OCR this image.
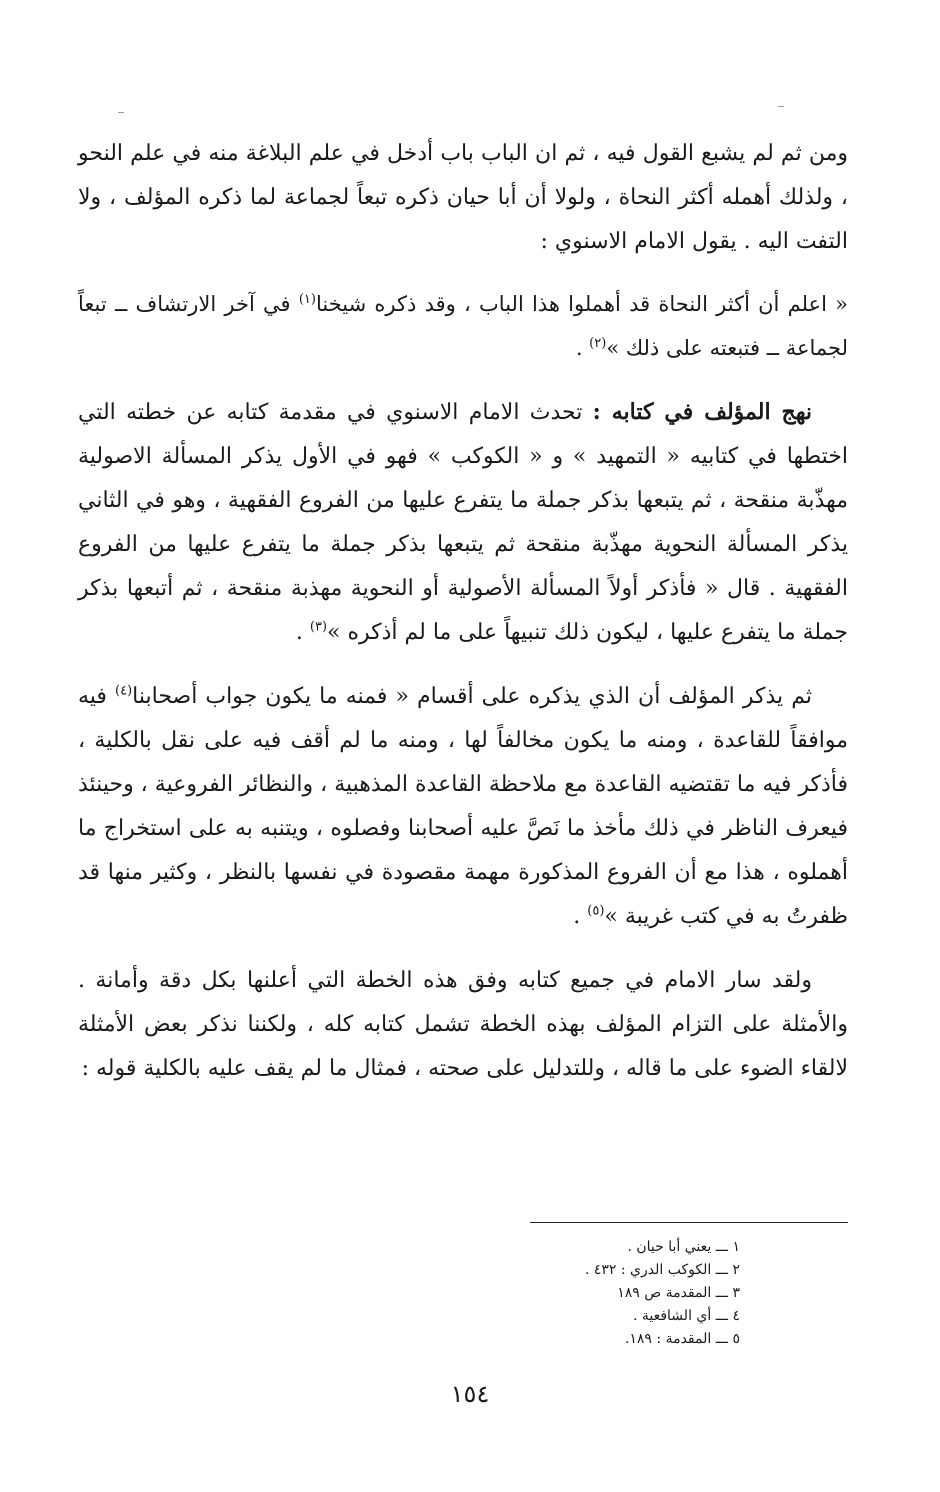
ومن ثم لم يشبع القول فيه ، ثم ان الباب باب أدخل في علم البلاغة منه في علم النحو ، ولذلك أهمله أكثر النحاة ، ولولا أن أبا حيان ذكره تبعاً لجماعة لما ذكره المؤلف ، ولا التفت اليه . يقول الامام الاسنوي :

« اعلم أن أكثر النحاة قد أهملوا هذا الباب ، وقد ذكره شيخنا$^{(١)}$ في آخر الارتشاف ــ تبعاً لجماعة ــ فتبعته على ذلك »$^{(٢)}$ .

نهج المؤلف في كتابه : تحدث الامام الاسنوي في مقدمة كتابه عن خطته التي اختطها في كتابيه « التمهيد » و « الكوكب » فهو في الأول يذكر المسألة الاصولية مهذّبة منقحة ، ثم يتبعها بذكر جملة ما يتفرع عليها من الفروع الفقهية ، وهو في الثاني يذكر المسألة النحوية مهذّبة منقحة ثم يتبعها بذكر جملة ما يتفرع عليها من الفروع الفقهية . قال « فأذكر أولاً المسألة الأصولية أو النحوية مهذبة منقحة ، ثم أتبعها بذكر جملة ما يتفرع عليها ، ليكون ذلك تنبيهاً على ما لم أذكره »$^{(٣)}$ .

ثم يذكر المؤلف أن الذي يذكره على أقسام « فمنه ما يكون جواب أصحابنا$^{(٤)}$ فيه موافقاً للقاعدة ، ومنه ما يكون مخالفاً لها ، ومنه ما لم أقف فيه على نقل بالكلية ، فأذكر فيه ما تقتضيه القاعدة مع ملاحظة القاعدة المذهبية ، والنظائر الفروعية ، وحينئذ فيعرف الناظر في ذلك مأخذ ما نَصَّ عليه أصحابنا وفصلوه ، ويتنبه به على استخراج ما أهملوه ، هذا مع أن الفروع المذكورة مهمة مقصودة في نفسها بالنظر ، وكثير منها قد ظفرتُ به في كتب غريبة »$^{(٥)}$ .

ولقد سار الامام في جميع كتابه وفق هذه الخطة التي أعلنها بكل دقة وأمانة . والأمثلة على التزام المؤلف بهذه الخطة تشمل كتابه كله ، ولكننا نذكر بعض الأمثلة لالقاء الضوء على ما قاله ، وللتدليل على صحته ، فمثال ما لم يقف عليه بالكلية قوله :

١ ـــ يعني أبا حيان .
٢ ـــ الكوكب الدري : ٤٣٢ .
٣ ـــ المقدمة ص ١٨٩
٤ ـــ أي الشافعية .
٥ ـــ المقدمة : ١٨٩.
١٥٤
